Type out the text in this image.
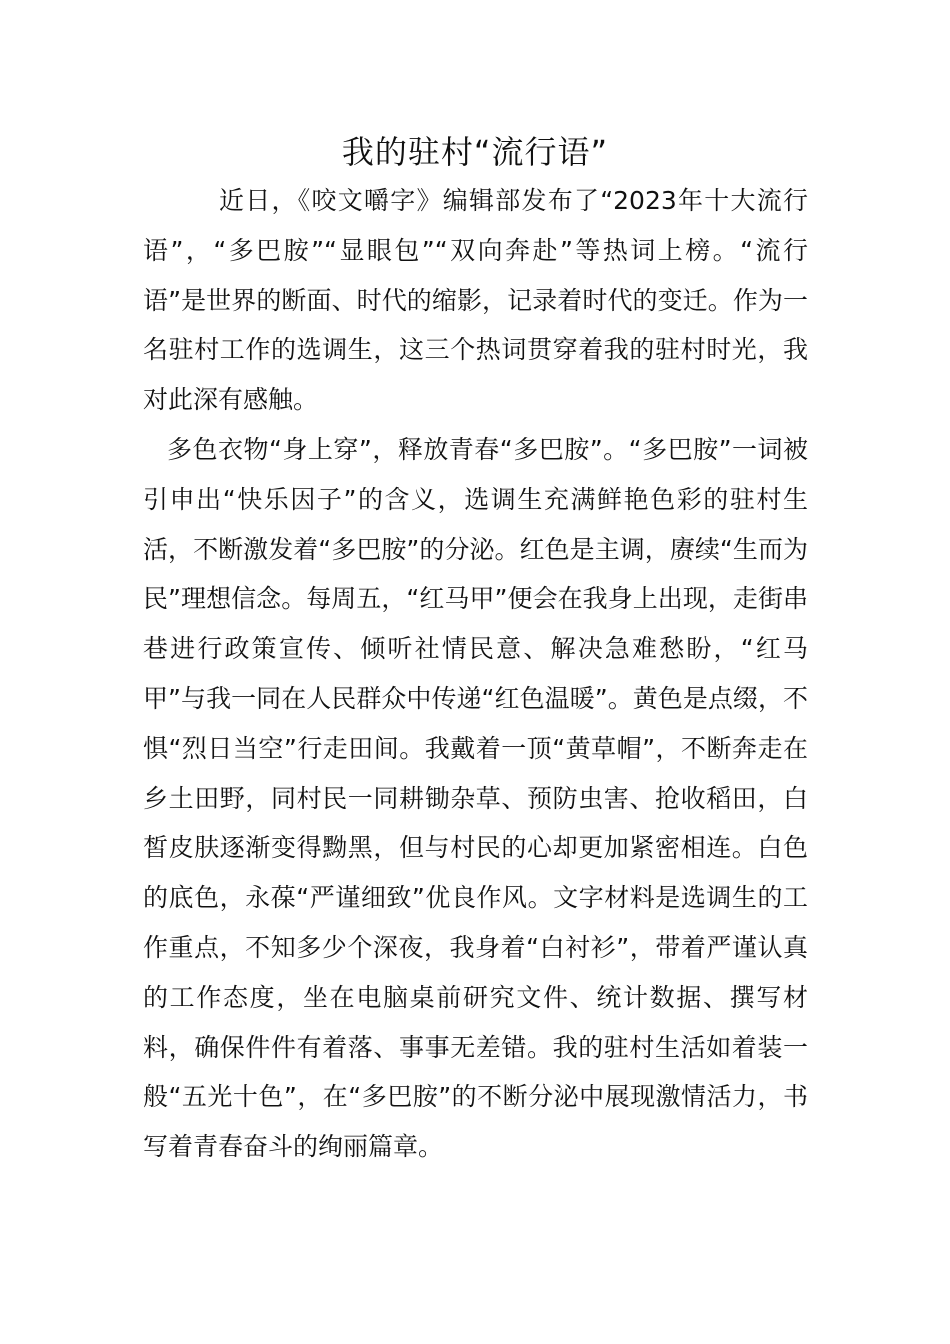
我的驻村“流行语”

近日，《咬文嚼字》编辑部发布了“2023年十大流行语”，“多巴胺”“显眼包”“双向奔赴”等热词上榜。“流行语”是世界的断面、时代的缩影，记录着时代的变迁。作为一名驻村工作的选调生，这三个热词贯穿着我的驻村时光，我对此深有感触。

多色衣物“身上穿”，释放青春“多巴胺”。“多巴胺”一词被引申出“快乐因子”的含义，选调生充满鲜艳色彩的驻村生活，不断激发着“多巴胺”的分泌。红色是主调，赓续“生而为民”理想信念。每周五，“红马甲”便会在我身上出现，走街串巷进行政策宣传、倾听社情民意、解决急难愁盼，“红马甲”与我一同在人民群众中传递“红色温暖”。黄色是点缀，不惧“烈日当空”行走田间。我戴着一顶“黄草帽”，不断奔走在乡土田野，同村民一同耕锄杂草、预防虫害、抢收稻田，白皙皮肤逐渐变得黝黑，但与村民的心却更加紧密相连。白色的底色，永葆“严谨细致”优良作风。文字材料是选调生的工作重点，不知多少个深夜，我身着“白衬衫”，带着严谨认真的工作态度，坐在电脑桌前研究文件、统计数据、撰写材料，确保件件有着落、事事无差错。我的驻村生活如着装一般“五光十色”，在“多巴胺”的不断分泌中展现激情活力，书写着青春奋斗的绚丽篇章。
